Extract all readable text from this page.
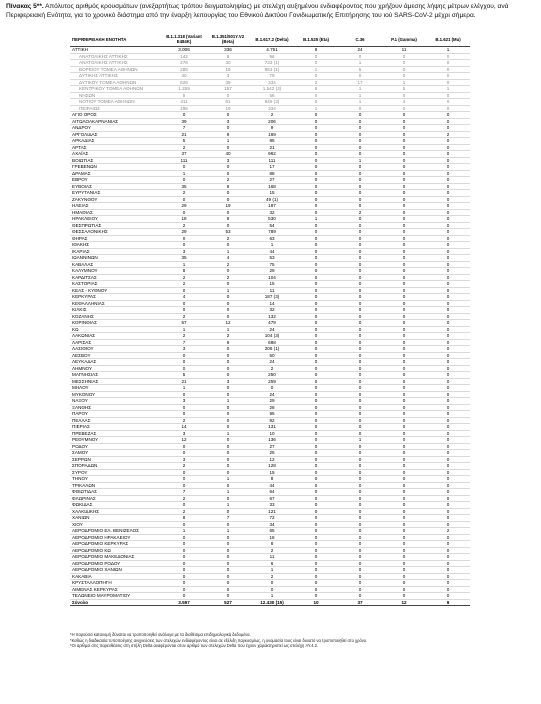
Πίνακας 5**. Απόλυτος αριθμός κρουσμάτων (ανεξαρτήτως τρόπου δειγματοληψίας) με στελέχη αυξημένου ενδιαφέροντος που χρήζουν άμεσης λήψης μέτρων ελέγχου, ανά Περιφερειακή Ενότητα, για το χρονικό διάστημα από την έναρξη λειτουργίας του Εθνικού Δικτύου Γονιδιωματικής Επιτήρησης του ιού SARS-CoV-2 μέχρι σήμερα.
ΠΕΡΙΦΕΡΕΙΑΚΗ ΕΝΟΤΗΤΑ	B.1.1.318 (Variant E484K)	B.1.351/501Y.V2 (Beta)	B.1.617.2 (Delta)	B.1.525 (Eta)	C.36	P.1 (Gamma)	B.1.621 (Mu)
ΑΤΤΙΚΗ	3.006	336	4.751	9	24	11	1
ΑΝΑΤΟΛΙΚΗΣ ΑΤΤΙΚΗΣ	142	8	96	0	0	0	0
ΑΝΑΤΟΛΙΚΗΣ ΑΤΤΙΚΗΣ	276	30	733 (1)	0	1	0	0
ΒΟΡΕΙΟΥ ΤΟΜΕΑ ΑΘΗΝΩΝ	288	19	853 (1)	1	5	0	0
ΔΥΤΙΚΗΣ ΑΤΤΙΚΗΣ	40	3	79	0	0	0	0
ΔΥΤΙΚΟΥ ΤΟΜΕΑ ΑΘΗΝΩΝ	629	39	334	2	17	1	0
ΚΕΝΤΡΙΚΟΥ ΤΟΜΕΑ ΑΘΗΝΩΝ	1.259	157	1.542 (3)	6	1	5	1
ΝΗΣΩΝ	5	0	56	0	1	0	0
ΝΟΤΙΟΥ ΤΟΜΕΑ ΑΘΗΝΩΝ	411	61	845 (3)	0	1	4	0
ΠΕΙΡΑΙΩΣ	198	19	334	1	0	0	0
ΑΓΙΟ ΟΡΟΣ	0	0	2	0	0	0	0
ΑΙΤΩΛΟΑΚΑΡΝΑΝΙΑΣ	39	3	206	0	0	0	0
ΑΝΔΡΟΥ	7	0	9	0	0	0	0
ΑΡΓΟΛΙΔΑΣ	21	9	169	0	0	0	2
ΑΡΚΑΔΙΑΣ	5	1	85	0	0	0	0
ΑΡΤΑΣ	2	0	21	0	0	0	0
ΑΧΑΪΑΣ	37	40	962	0	0	0	0
ΒΟΙΩΤΙΑΣ	111	3	111	0	1	0	0
ΓΡΕΒΕΝΩΝ	0	0	17	0	0	0	0
ΔΡΑΜΑΣ	1	0	88	0	0	0	0
ΕΒΡΟΥ	0	2	27	0	0	0	0
ΕΥΒΟΙΑΣ	35	6	168	0	0	0	0
ΕΥΡΥΤΑΝΙΑΣ	2	0	15	0	0	0	0
ΖΑΚΥΝΘΟΥ	0	0	49 (1)	0	0	0	0
ΗΛΕΙΑΣ	29	19	187	0	0	0	0
ΗΜΑΘΙΑΣ	0	0	32	0	2	0	0
ΗΡΑΚΛΕΙΟΥ	18	6	530	1	0	0	0
ΘΕΣΠΡΩΤΙΑΣ	2	0	54	0	0	0	0
ΘΕΣΣΑΛΟΝΙΚΗΣ	29	53	789	0	0	0	0
ΘΗΡΑΣ	0	2	63	0	0	0	0
ΙΘΑΚΗΣ	0	0	1	0	0	0	0
ΙΚΑΡΙΑΣ	3	1	44	0	0	0	0
ΙΩΑΝΝΙΝΩΝ	35	4	53	0	0	0	0
ΚΑΒΑΛΑΣ	1	2	75	0	0	0	0
ΚΑΛΥΜΝΟΥ	8	0	29	0	0	0	0
ΚΑΡΔΙΤΣΑΣ	2	2	104	0	0	0	0
ΚΑΣΤΟΡΙΑΣ	2	0	15	0	0	0	0
ΚΕΑΣ - ΚΥΘΝΟΥ	0	1	11	0	0	0	0
ΚΕΡΚΥΡΑΣ	4	0	187 (3)	0	0	0	0
ΚΕΦΑΛΛΗΝΙΑΣ	0	0	14	0	0	0	0
ΚΙΛΚΙΣ	0	0	32	0	0	0	0
ΚΟΖΑΝΗΣ	2	0	132	0	0	0	0
ΚΟΡΙΝΘΙΑΣ	57	12	479	0	0	0	0
ΚΩ	1	1	24	0	0	0	0
ΛΑΚΩΝΙΑΣ	2	2	104 (3)	0	0	0	0
ΛΑΡΙΣΑΣ	7	9	688	0	0	0	0
ΛΑΣΙΘΙΟΥ	3	0	206 (1)	0	0	0	0
ΛΕΣΒΟΥ	0	0	50	0	0	0	0
ΛΕΥΚΑΔΑΣ	0	0	24	0	0	0	0
ΛΗΜΝΟΥ	0	0	2	0	0	0	0
ΜΑΓΝΗΣΙΑΣ	5	0	250	0	0	0	0
ΜΕΣΣΗΝΙΑΣ	21	3	259	0	0	0	0
ΜΗΛΟΥ	1	0	0	0	0	0	0
ΜΥΚΟΝΟΥ	0	0	24	0	0	0	0
ΝΑΞΟΥ	3	1	29	0	0	0	0
ΞΑΝΘΗΣ	0	0	28	0	0	0	0
ΠΑΡΟΥ	0	0	95	0	0	0	0
ΠΕΛΛΑΣ	2	0	92	0	0	0	0
ΠΙΕΡΙΑΣ	14	0	131	0	0	0	0
ΠΡΕΒΕΖΑΣ	3	1	10	0	0	0	0
ΡΕΘΥΜΝΟΥ	12	0	136	0	1	0	0
ΡΟΔΟΥ	0	0	27	0	0	0	0
ΣΑΜΟΥ	0	0	25	0	0	0	0
ΣΕΡΡΩΝ	3	0	12	0	0	0	0
ΣΠΟΡΑΔΩΝ	2	0	128	0	0	0	0
ΣΥΡΟΥ	0	0	15	0	0	0	0
ΤΗΝΟΥ	0	1	8	0	0	0	0
ΤΡΙΚΑΛΩΝ	0	0	44	0	0	0	0
ΦΘΙΩΤΙΔΑΣ	7	1	64	0	0	0	0
ΦΛΩΡΙΝΑΣ	2	0	67	0	0	0	0
ΦΩΚΙΔΑΣ	0	1	33	0	0	0	0
ΧΑΛΚΙΔΙΚΗΣ	2	0	121	0	0	0	0
ΧΑΝΙΩΝ	8	7	72	0	0	0	0
ΧΙΟΥ	0	0	34	0	0	0	0
ΑΕΡΟΔΡΟΜΙΟ ΕΛ. ΒΕΝΙΖΕΛΟΣ	1	1	65	0	0	0	2
ΑΕΡΟΔΡΟΜΙΟ ΗΡΑΚΛΕΙΟΥ	0	0	18	0	0	0	0
ΑΕΡΟΔΡΟΜΙΟ ΚΕΡΚΥΡΑΣ	0	0	8	0	0	0	0
ΑΕΡΟΔΡΟΜΙΟ ΚΩ	0	0	2	0	0	0	0
ΑΕΡΟΔΡΟΜΙΟ ΜΑΚΕΔΟΝΙΑΣ	0	0	11	0	0	0	0
ΑΕΡΟΔΡΟΜΙΟ ΡΟΔΟΥ	0	0	6	0	0	0	0
ΑΕΡΟΔΡΟΜΙΟ ΧΑΝΙΩΝ	0	0	1	0	0	0	0
ΚΑΚΑΒΙΑ	0	0	2	0	0	0	0
ΚΡΥΣΤΑΛΛΟΠΗΓΗ	0	0	0	0	0	0	0
ΛΙΜΕΝΑΣ ΚΕΡΚΥΡΑΣ	0	0	0	0	0	0	0
ΤΕΛΩΝΕΙΟ ΜΑΥΡΟΜΑΤΙΟΥ	0	0	1	0	0	0	0
Σύνολο	3.597	527	12.430 (15)	10	37	12	9
*Η παρούσα κατανομή δύναται να τροποποιηθεί ανάλογα με τα διαθέσιμα επιδημιολογικά δεδομένα.
*Καθώς η διαδικασία τυποποίησης ανιχνεύσεις των στελεχών ενδιαφέροντος είναι σε εξέλιξη παγκοσμίως, η ονομασία τους είναι δυνατό να τροποποιηθεί στο χρόνο.
*Οι αριθμοί στις παρενθέσεις στη στήλη Delta αναφέρονται στον αριθμό των στελεχών Delta που έχουν χαρακτηριστεί ως στελέχη AY.4.2.
